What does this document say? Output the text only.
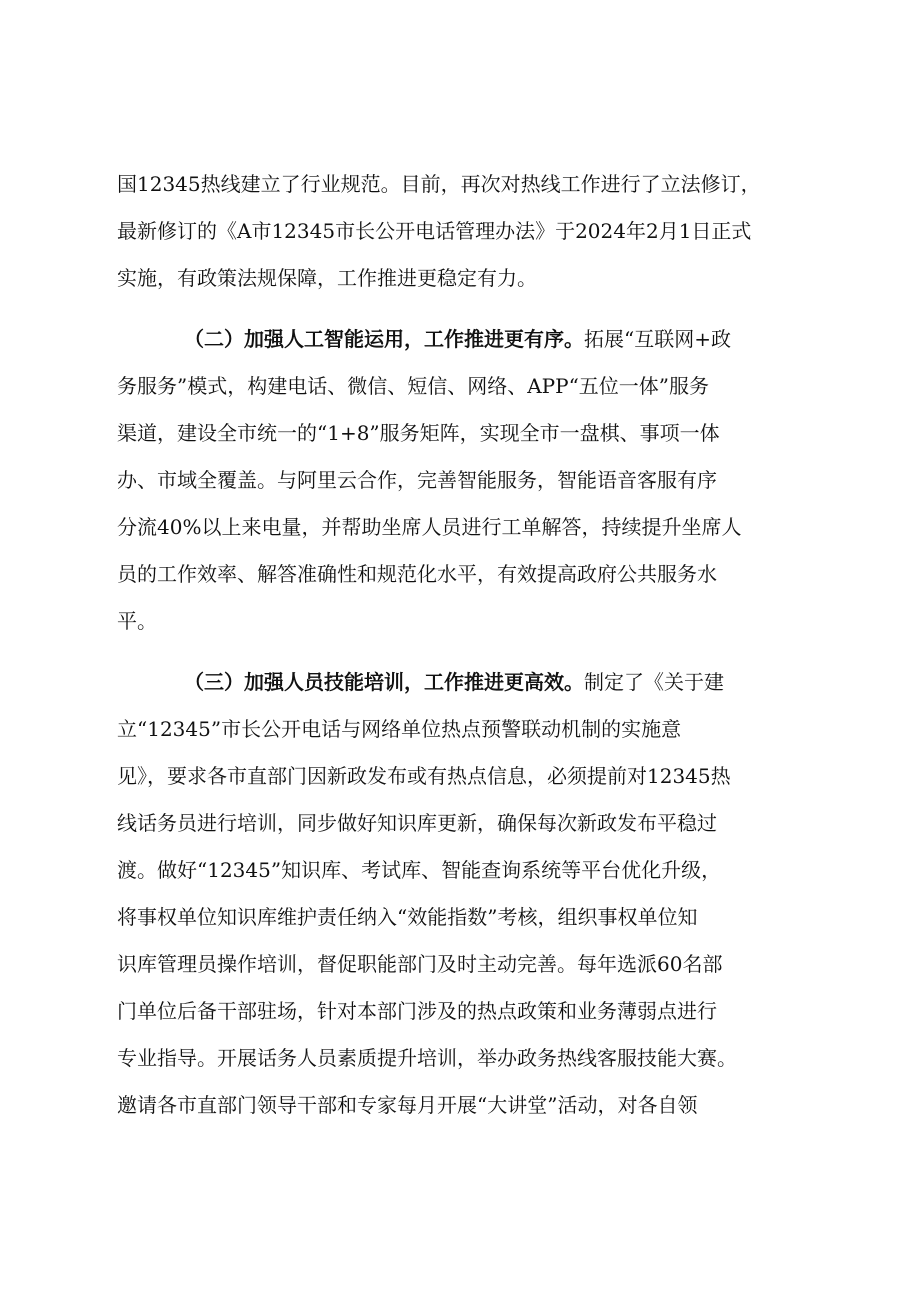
国12345热线建立了行业规范。目前，再次对热线工作进行了立法修订，
最新修订的《A市12345市长公开电话管理办法》于2024年2月1日正式
实施，有政策法规保障，工作推进更稳定有力。
（二）加强人工智能运用，工作推进更有序。拓展“互联网+政
务服务”模式，构建电话、微信、短信、网络、APP“五位一体”服务
渠道，建设全市统一的“1+8”服务矩阵，实现全市一盘棋、事项一体
办、市域全覆盖。与阿里云合作，完善智能服务，智能语音客服有序
分流40%以上来电量，并帮助坐席人员进行工单解答，持续提升坐席人
员的工作效率、解答准确性和规范化水平，有效提高政府公共服务水
平。
（三）加强人员技能培训，工作推进更高效。制定了《关于建
立“12345”市长公开电话与网络单位热点预警联动机制的实施意
见》，要求各市直部门因新政发布或有热点信息，必须提前对12345热
线话务员进行培训，同步做好知识库更新，确保每次新政发布平稳过
渡。做好“12345”知识库、考试库、智能查询系统等平台优化升级，
将事权单位知识库维护责任纳入“效能指数”考核，组织事权单位知
识库管理员操作培训，督促职能部门及时主动完善。每年选派60名部
门单位后备干部驻场，针对本部门涉及的热点政策和业务薄弱点进行
专业指导。开展话务人员素质提升培训，举办政务热线客服技能大赛。
邀请各市直部门领导干部和专家每月开展“大讲堂”活动，对各自领
